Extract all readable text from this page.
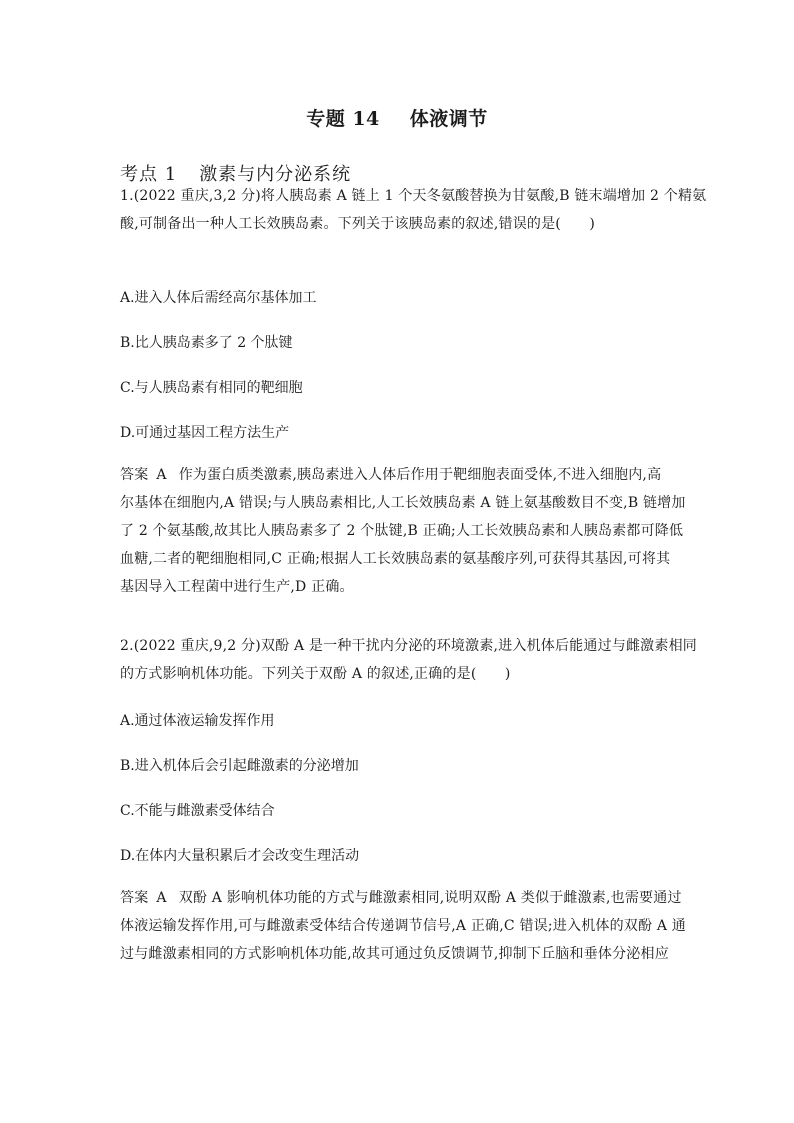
专题 14 体液调节
考点 1 激素与内分泌系统
1.(2022 重庆,3,2 分)将人胰岛素 A 链上 1 个天冬氨酸替换为甘氨酸,B 链末端增加 2 个精氨
酸,可制备出一种人工长效胰岛素。下列关于该胰岛素的叙述,错误的是(　　)
A.进入人体后需经高尔基体加工
B.比人胰岛素多了 2 个肽键
C.与人胰岛素有相同的靶细胞
D.可通过基因工程方法生产
答案 A 作为蛋白质类激素,胰岛素进入人体后作用于靶细胞表面受体,不进入细胞内,高
尔基体在细胞内,A 错误;与人胰岛素相比,人工长效胰岛素 A 链上氨基酸数目不变,B 链增加
了 2 个氨基酸,故其比人胰岛素多了 2 个肽键,B 正确;人工长效胰岛素和人胰岛素都可降低
血糖,二者的靶细胞相同,C 正确;根据人工长效胰岛素的氨基酸序列,可获得其基因,可将其
基因导入工程菌中进行生产,D 正确。
2.(2022 重庆,9,2 分)双酚 A 是一种干扰内分泌的环境激素,进入机体后能通过与雌激素相同
的方式影响机体功能。下列关于双酚 A 的叙述,正确的是(　　)
A.通过体液运输发挥作用
B.进入机体后会引起雌激素的分泌增加
C.不能与雌激素受体结合
D.在体内大量积累后才会改变生理活动
答案 A 双酚 A 影响机体功能的方式与雌激素相同,说明双酚 A 类似于雌激素,也需要通过
体液运输发挥作用,可与雌激素受体结合传递调节信号,A 正确,C 错误;进入机体的双酚 A 通
过与雌激素相同的方式影响机体功能,故其可通过负反馈调节,抑制下丘脑和垂体分泌相应
